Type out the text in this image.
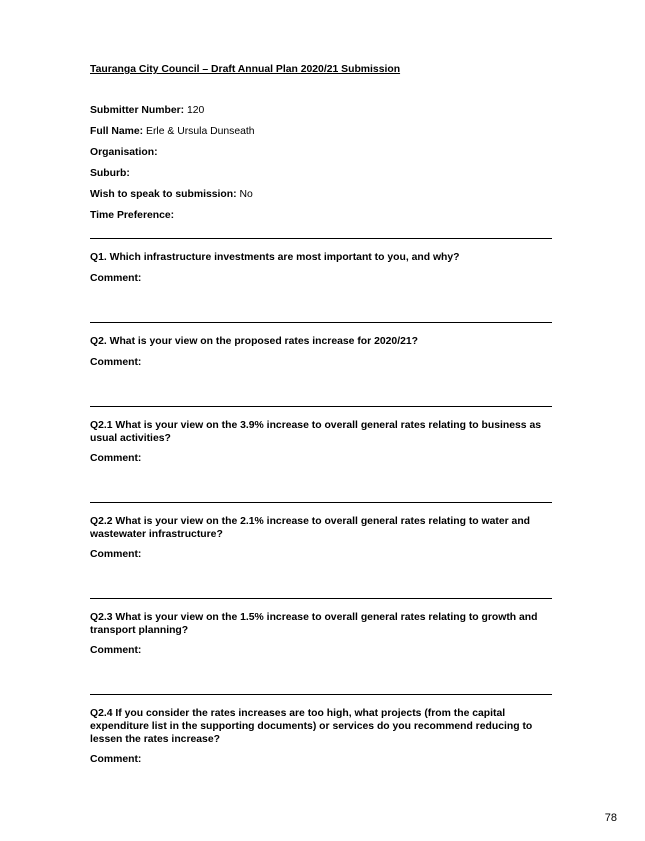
Tauranga City Council – Draft Annual Plan 2020/21 Submission
Submitter Number: 120
Full Name: Erle & Ursula Dunseath
Organisation:
Suburb:
Wish to speak to submission: No
Time Preference:
Q1. Which infrastructure investments are most important to you, and why?
Comment:
Q2. What is your view on the proposed rates increase for 2020/21?
Comment:
Q2.1 What is your view on the 3.9% increase to overall general rates relating to business as usual activities?
Comment:
Q2.2 What is your view on the 2.1% increase to overall general rates relating to water and wastewater infrastructure?
Comment:
Q2.3 What is your view on the 1.5% increase to overall general rates relating to growth and transport planning?
Comment:
Q2.4 If you consider the rates increases are too high, what projects (from the capital expenditure list in the supporting documents) or services do you recommend reducing to lessen the rates increase?
Comment:
78
